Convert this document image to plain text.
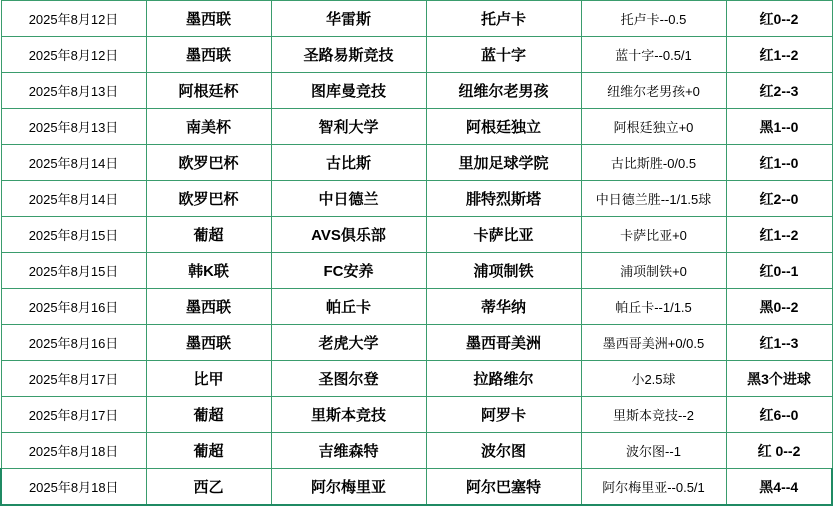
2025年8月12日	墨西联	华雷斯	托卢卡	托卢卡--0.5	红0--2
2025年8月12日	墨西联	圣路易斯竞技	蓝十字	蓝十字--0.5/1	红1--2
2025年8月13日	阿根廷杯	图库曼竞技	纽维尔老男孩	纽维尔老男孩+0	红2--3
2025年8月13日	南美杯	智利大学	阿根廷独立	阿根廷独立+0	黑1--0
2025年8月14日	欧罗巴杯	古比斯	里加足球学院	古比斯胜-0/0.5	红1--0
2025年8月14日	欧罗巴杯	中日德兰	腓特烈斯塔	中日德兰胜--1/1.5球	红2--0
2025年8月15日	葡超	AVS俱乐部	卡萨比亚	卡萨比亚+0	红1--2
2025年8月15日	韩K联	FC安养	浦项制铁	浦项制铁+0	红0--1
2025年8月16日	墨西联	帕丘卡	蒂华纳	帕丘卡--1/1.5	黑0--2
2025年8月16日	墨西联	老虎大学	墨西哥美洲	墨西哥美洲+0/0.5	红1--3
2025年8月17日	比甲	圣图尔登	拉路维尔	小2.5球	黑3个进球
2025年8月17日	葡超	里斯本竞技	阿罗卡	里斯本竞技--2	红6--0
2025年8月18日	葡超	吉维森特	波尔图	波尔图--1	红 0--2
2025年8月18日	西乙	阿尔梅里亚	阿尔巴塞特	阿尔梅里亚--0.5/1	黑4--4
